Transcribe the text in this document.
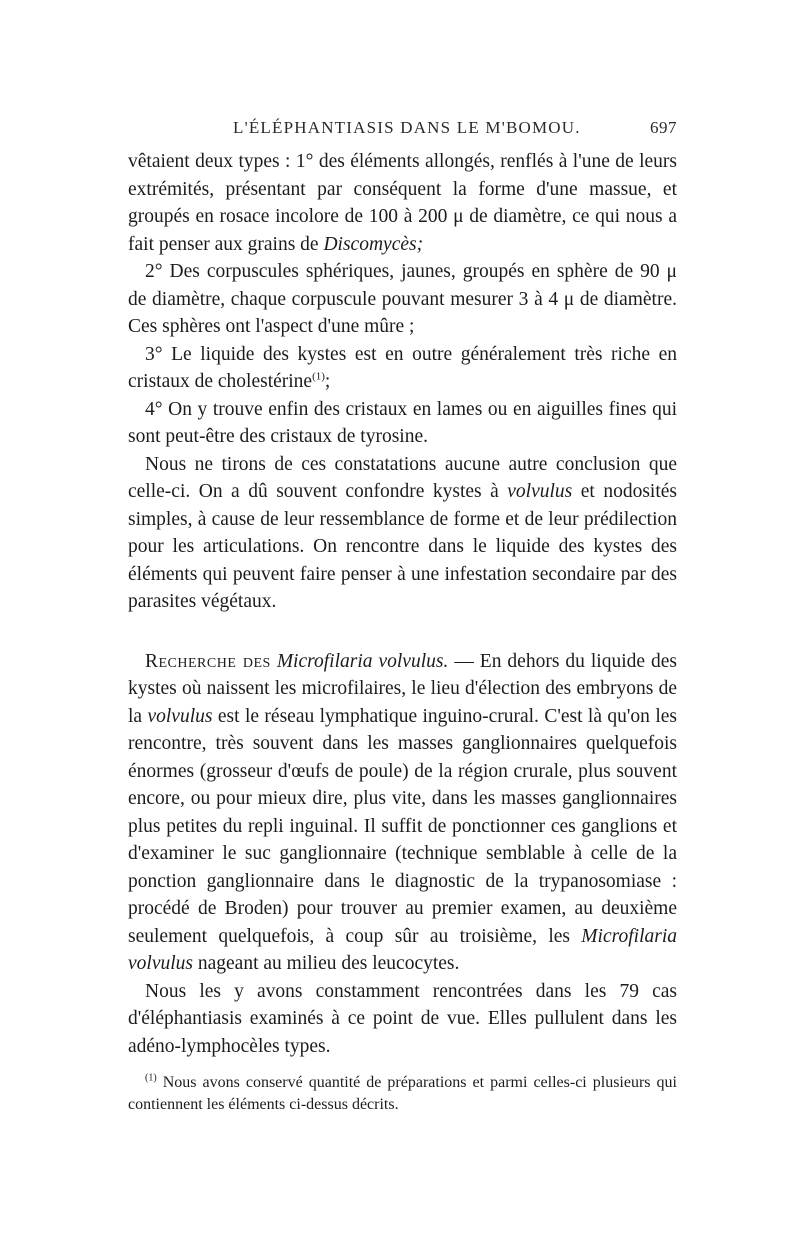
L'ÉLÉPHANTIASIS DANS LE M'BOMOU.	697

vêtaient deux types : 1° des éléments allongés, renflés à l'une de leurs extrémités, présentant par conséquent la forme d'une massue, et groupés en rosace incolore de 100 à 200 μ de diamètre, ce qui nous a fait penser aux grains de Discomycès;

2° Des corpuscules sphériques, jaunes, groupés en sphère de 90 μ de diamètre, chaque corpuscule pouvant mesurer 3 à 4 μ de diamètre. Ces sphères ont l'aspect d'une mûre ;

3° Le liquide des kystes est en outre généralement très riche en cristaux de cholestérine$^{(1)}$;

4° On y trouve enfin des cristaux en lames ou en aiguilles fines qui sont peut-être des cristaux de tyrosine.

Nous ne tirons de ces constatations aucune autre conclusion que celle-ci. On a dû souvent confondre kystes à volvulus et nodosités simples, à cause de leur ressemblance de forme et de leur prédilection pour les articulations. On rencontre dans le liquide des kystes des éléments qui peuvent faire penser à une infestation secondaire par des parasites végétaux.

Recherche des Microfilaria volvulus. — En dehors du liquide des kystes où naissent les microfilaires, le lieu d'élection des embryons de la volvulus est le réseau lymphatique inguino-crural. C'est là qu'on les rencontre, très souvent dans les masses ganglionnaires quelquefois énormes (grosseur d'œufs de poule) de la région crurale, plus souvent encore, ou pour mieux dire, plus vite, dans les masses ganglionnaires plus petites du repli inguinal. Il suffit de ponctionner ces ganglions et d'examiner le suc ganglionnaire (technique semblable à celle de la ponction ganglionnaire dans le diagnostic de la trypanosomiase : procédé de Broden) pour trouver au premier examen, au deuxième seulement quelquefois, à coup sûr au troisième, les Microfilaria volvulus nageant au milieu des leucocytes.

Nous les y avons constamment rencontrées dans les 79 cas d'éléphantiasis examinés à ce point de vue. Elles pullulent dans les adéno-lymphocèles types.

$^{(1)}$ Nous avons conservé quantité de préparations et parmi celles-ci plusieurs qui contiennent les éléments ci-dessus décrits.
